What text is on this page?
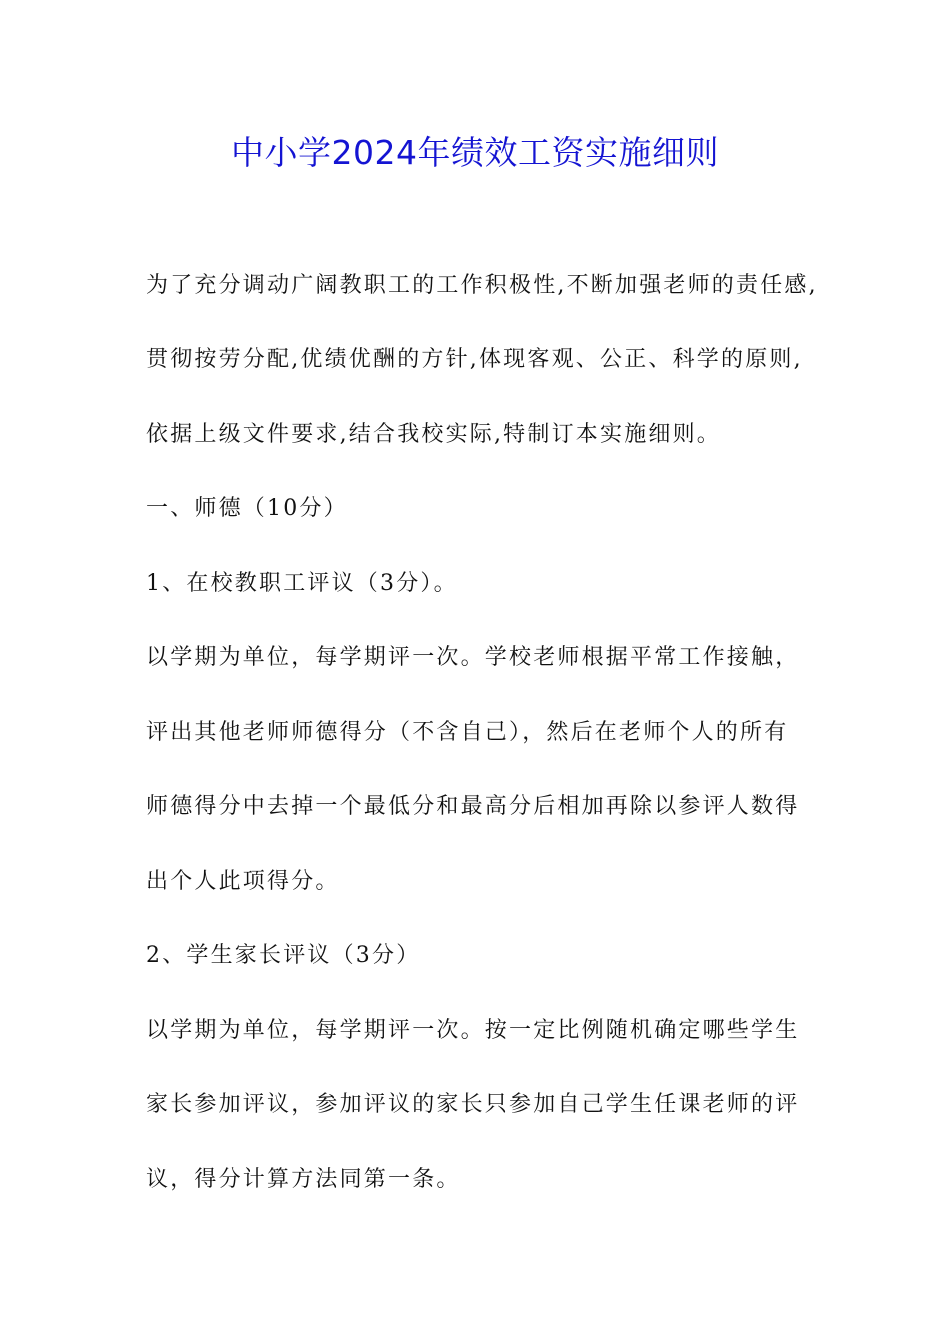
中小学2024年绩效工资实施细则
为了充分调动广阔教职工的工作积极性,不断加强老师的责任感,
贯彻按劳分配,优绩优酬的方针,体现客观、公正、科学的原则,
依据上级文件要求,结合我校实际,特制订本实施细则。
一、师德（10分）
1、在校教职工评议（3分）。
以学期为单位，每学期评一次。学校老师根据平常工作接触，
评出其他老师师德得分（不含自己），然后在老师个人的所有
师德得分中去掉一个最低分和最高分后相加再除以参评人数得
出个人此项得分。
2、学生家长评议（3分）
以学期为单位，每学期评一次。按一定比例随机确定哪些学生
家长参加评议，参加评议的家长只参加自己学生任课老师的评
议，得分计算方法同第一条。
